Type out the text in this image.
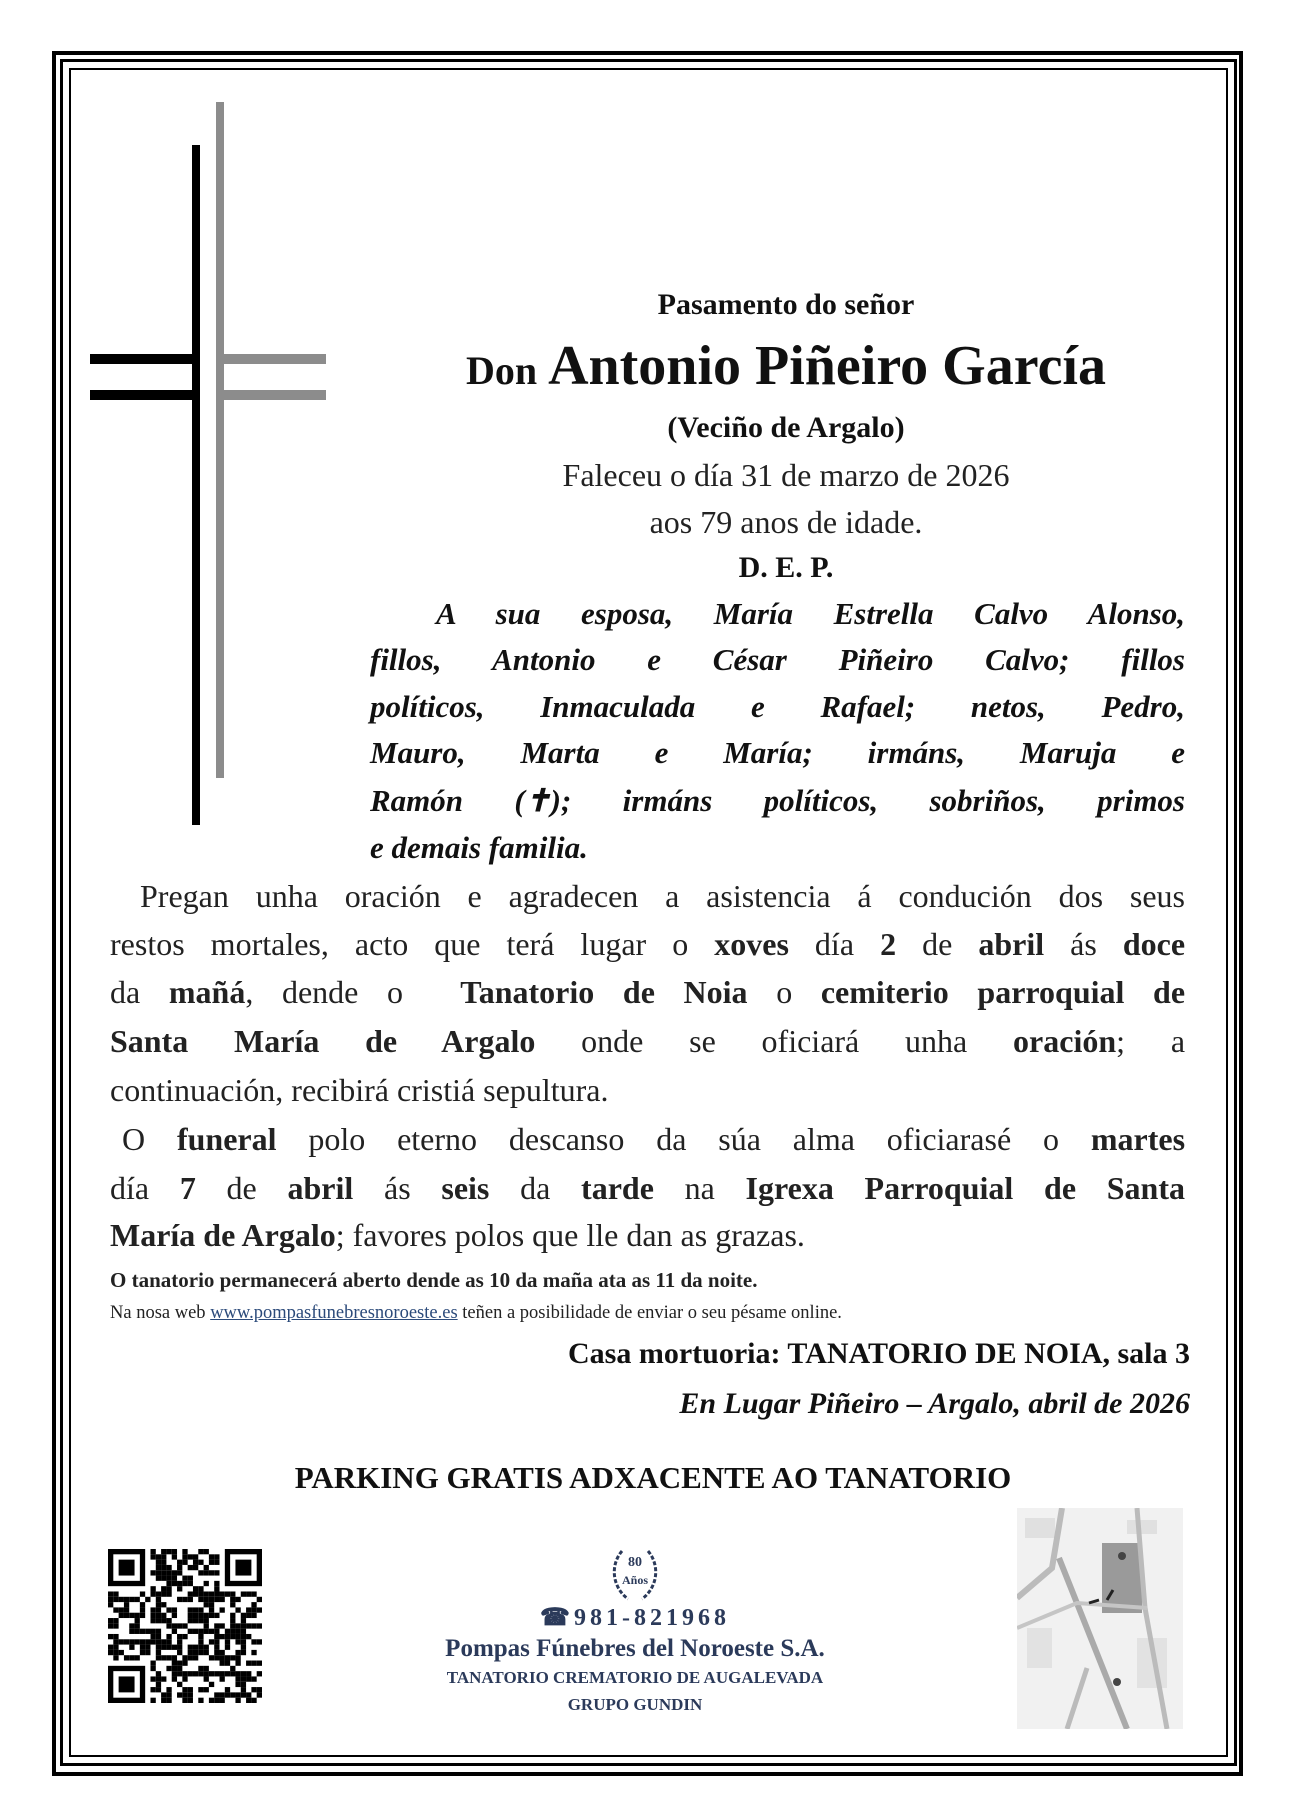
Pasamento do señor
Don Antonio Piñeiro García
(Veciño de Argalo)
Faleceu o día 31 de marzo de 2026
aos 79 anos de idade.
D. E. P.
A sua esposa, María Estrella Calvo Alonso,
fillos, Antonio e César Piñeiro Calvo; fillos
políticos, Inmaculada e Rafael; netos, Pedro,
Mauro, Marta e María; irmáns, Maruja e
Ramón (✝); irmáns políticos, sobriños, primos
e demais familia.
Pregan unha oración e agradecen a asistencia á condución dos seus
restos mortales, acto que terá lugar o xoves día 2 de abril ás doce
da mañá, dende o  Tanatorio de Noia o cemiterio parroquial de
Santa María de Argalo onde se oficiará unha oración; a
continuación, recibirá cristiá sepultura.
O funeral polo eterno descanso da súa alma oficiarasé o martes
día 7 de abril ás seis da tarde na Igrexa Parroquial de Santa
María de Argalo; favores polos que lle dan as grazas.
O tanatorio permanecerá aberto dende as 10 da maña ata as 11 da noite.
Na nosa web www.pompasfunebresnoroeste.es teñen a posibilidade de enviar o seu pésame online.
Casa mortuoria: TANATORIO DE NOIA, sala 3
En Lugar Piñeiro – Argalo, abril de 2026
PARKING GRATIS ADXACENTE AO TANATORIO
80
Años
☎981-821968
Pompas Fúnebres del Noroeste S.A.
TANATORIO CREMATORIO DE AUGALEVADA
GRUPO GUNDIN
